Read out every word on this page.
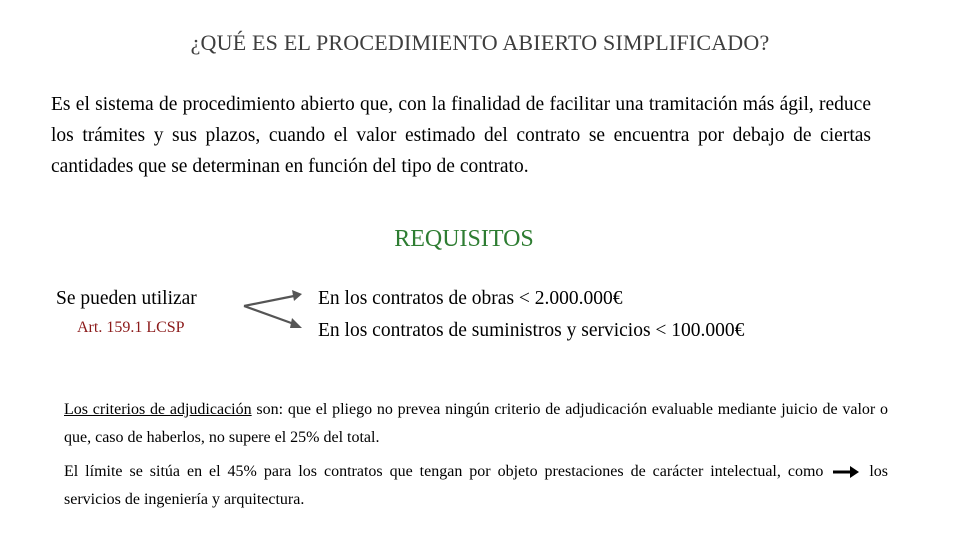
¿QUÉ ES EL PROCEDIMIENTO ABIERTO SIMPLIFICADO?
Es el sistema de procedimiento abierto que, con la finalidad de facilitar una tramitación más ágil, reduce los trámites y sus plazos, cuando el valor estimado del contrato se encuentra por debajo de ciertas cantidades que se determinan en función del tipo de contrato.
REQUISITOS
Se pueden utilizar
Art. 159.1 LCSP
En los contratos de obras < 2.000.000€
En los contratos de suministros y servicios < 100.000€
Los criterios de adjudicación son: que el pliego no prevea ningún criterio de adjudicación evaluable mediante juicio de valor o que, caso de haberlos, no supere el 25% del total.
El límite se sitúa en el 45% para los contratos que tengan por objeto prestaciones de carácter intelectual, como	los servicios de ingeniería y arquitectura.
